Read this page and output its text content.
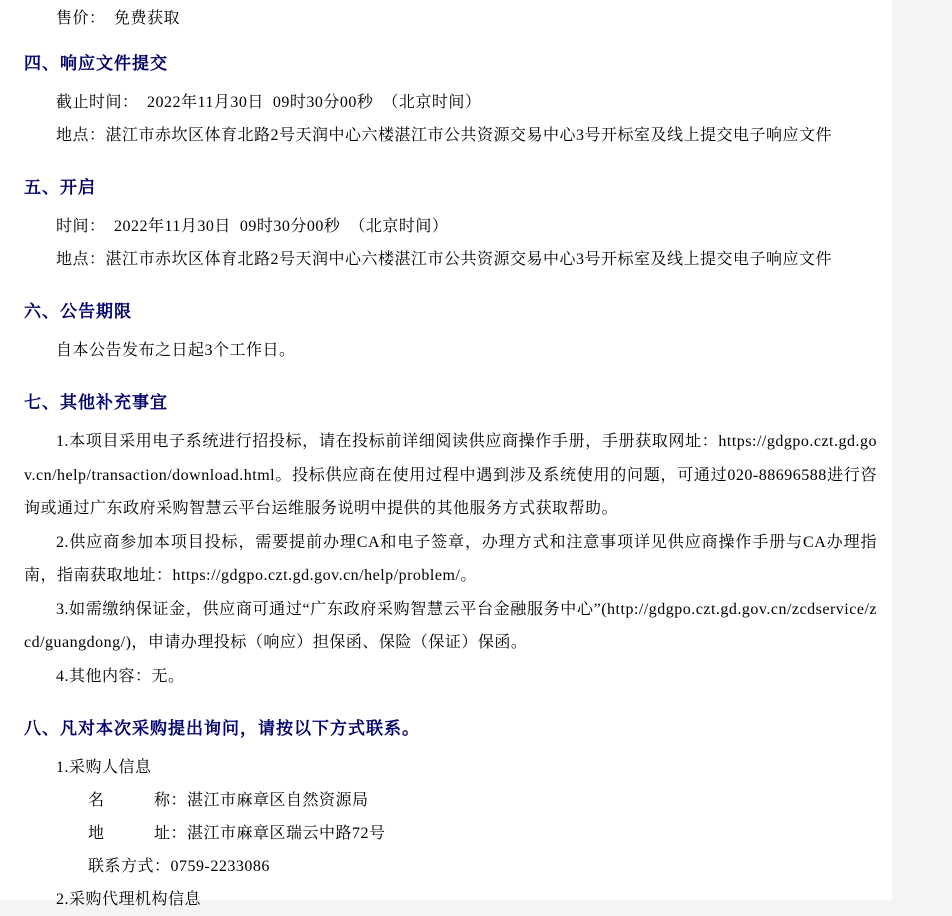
售价：　免费获取
四、响应文件提交
截止时间：　2022年11月30日  09时30分00秒  （北京时间）
地点：湛江市赤坎区体育北路2号天润中心六楼湛江市公共资源交易中心3号开标室及线上提交电子响应文件
五、开启
时间：　2022年11月30日  09时30分00秒  （北京时间）
地点：湛江市赤坎区体育北路2号天润中心六楼湛江市公共资源交易中心3号开标室及线上提交电子响应文件
六、公告期限
自本公告发布之日起3个工作日。
七、其他补充事宜

1.本项目采用电子系统进行招投标，请在投标前详细阅读供应商操作手册，手册获取网址：https://gdgpo.czt.gd.gov.cn/help/transaction/download.html。投标供应商在使用过程中遇到涉及系统使用的问题，可通过020-88696588进行咨询或通过广东政府采购智慧云平台运维服务说明中提供的其他服务方式获取帮助。

2.供应商参加本项目投标，需要提前办理CA和电子签章，办理方式和注意事项详见供应商操作手册与CA办理指南，指南获取地址：https://gdgpo.czt.gd.gov.cn/help/problem/。

3.如需缴纳保证金，供应商可通过“广东政府采购智慧云平台金融服务中心”(http://gdgpo.czt.gd.gov.cn/zcdservice/zcd/guangdong/)，申请办理投标（响应）担保函、保险（保证）保函。

4.其他内容：无。

八、凡对本次采购提出询问，请按以下方式联系。
1.采购人信息
名　　　称：湛江市麻章区自然资源局
地　　　址：湛江市麻章区瑞云中路72号
联系方式：0759-2233086
2.采购代理机构信息
